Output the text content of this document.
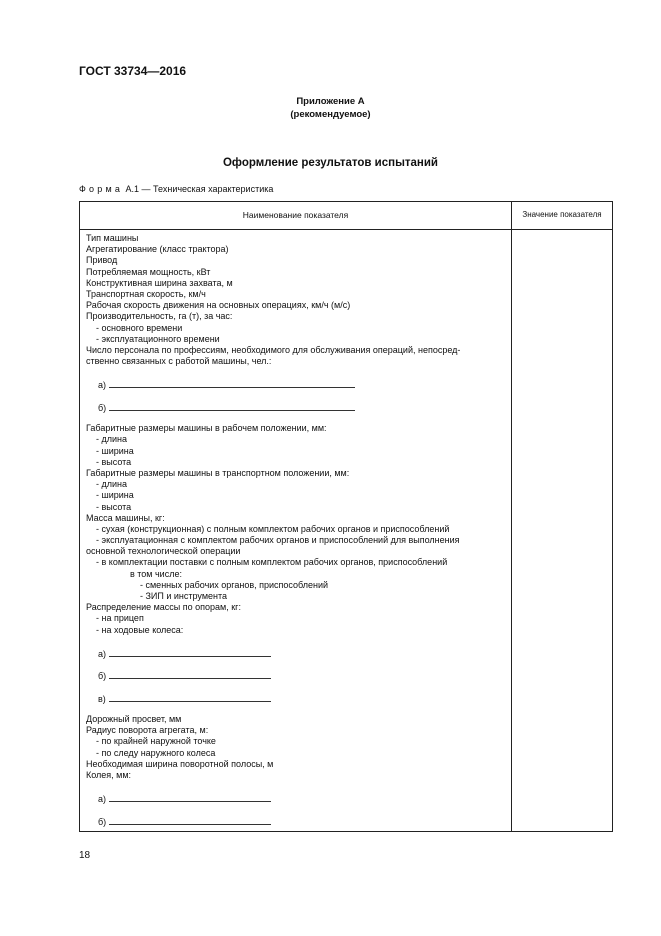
ГОСТ 33734—2016
Приложение А
(рекомендуемое)
Оформление результатов испытаний
Форма А.1 — Техническая характеристика
Наименование показателя	Значение показателя
Тип машины
Агрегатирование (класс трактора)
Привод
Потребляемая мощность, кВт
Конструктивная ширина захвата, м
Транспортная скорость, км/ч
Рабочая скорость движения на основных операциях, км/ч (м/с)
Производительность, га (т), за час:
- основного времени
- эксплуатационного времени
Число персонала по профессиям, необходимого для обслуживания операций, непосред-
ственно связанных с работой машины, чел.:
а)
б)
Габаритные размеры машины в рабочем положении, мм:
- длина
- ширина
- высота
Габаритные размеры машины в транспортном положении, мм:
- длина
- ширина
- высота
Масса машины, кг:
- сухая (конструкционная) с полным комплектом рабочих органов и приспособлений
- эксплуатационная с комплектом рабочих органов и приспособлений для выполнения
основной технологической операции
- в комплектации поставки с полным комплектом рабочих органов, приспособлений
в том числе:
- сменных рабочих органов, приспособлений
- ЗИП и инструмента
Распределение массы по опорам, кг:
- на прицеп
- на ходовые колеса:
а)
б)
в)
Дорожный просвет, мм
Радиус поворота агрегата, м:
- по крайней наружной точке
- по следу наружного колеса
Необходимая ширина поворотной полосы, м
Колея, мм:
а)
б)
18
